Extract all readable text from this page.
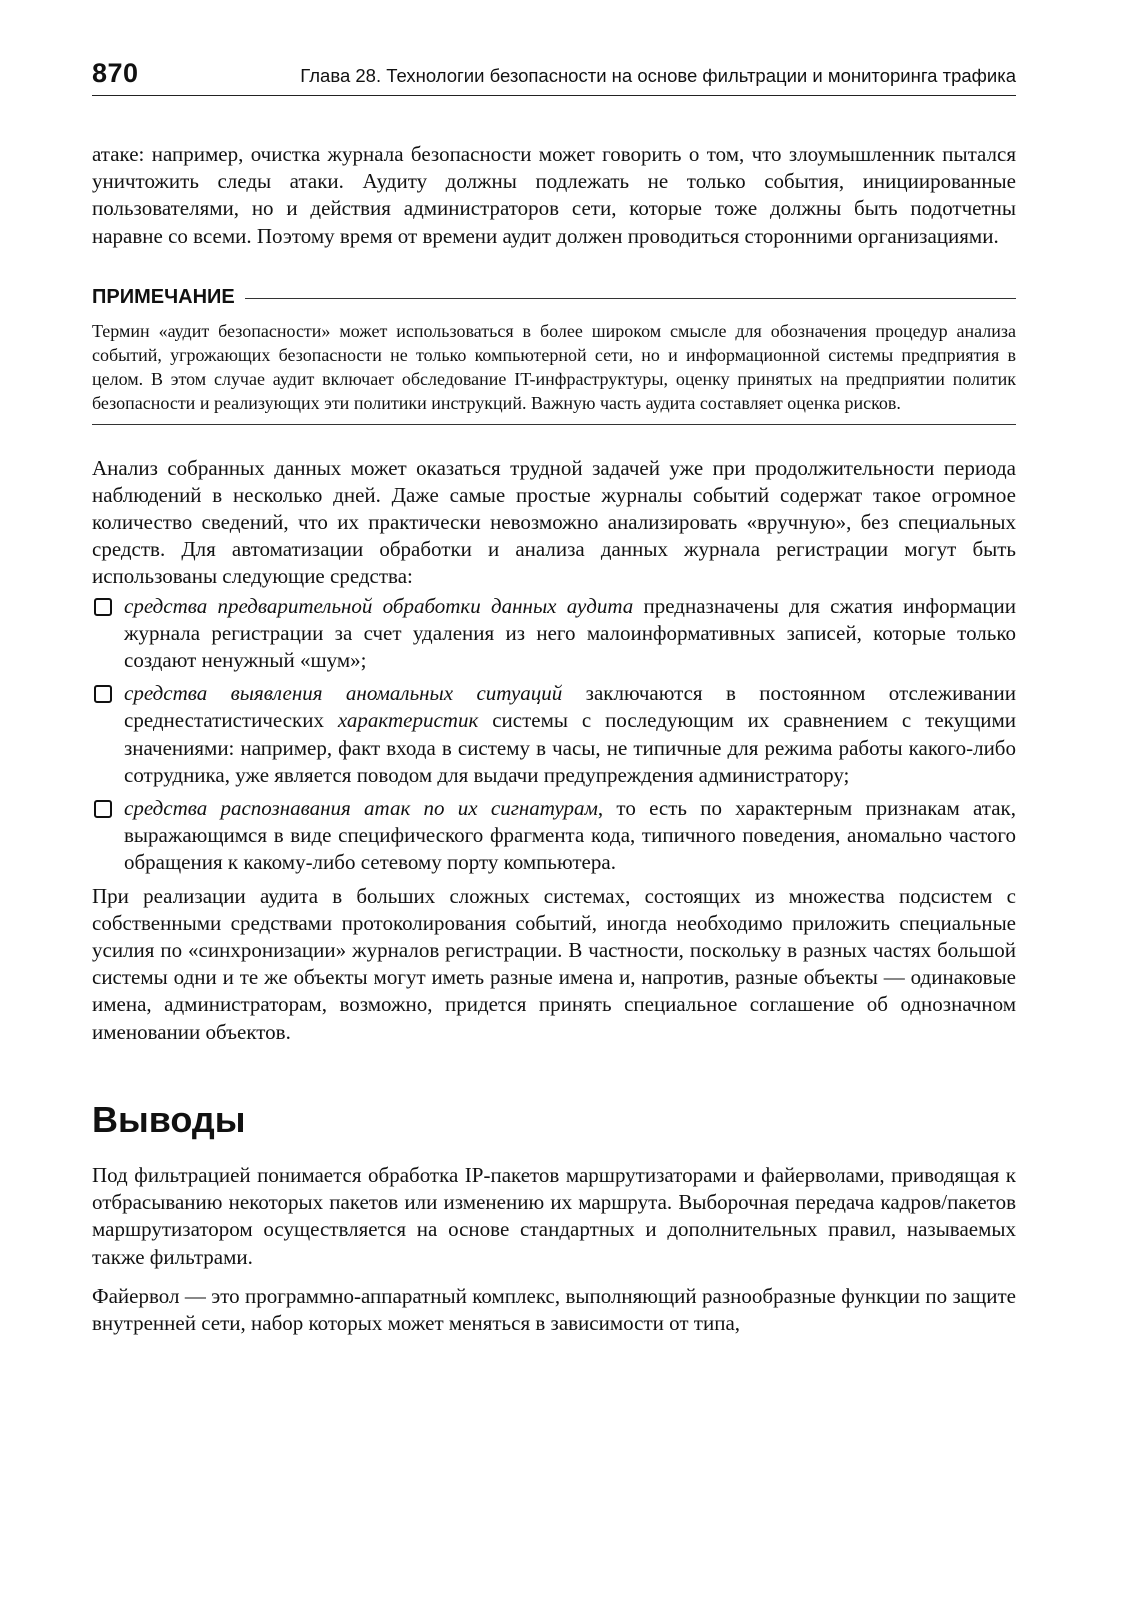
870	Глава 28. Технологии безопасности на основе фильтрации и мониторинга трафика

атаке: например, очистка журнала безопасности может говорить о том, что злоумышленник пытался уничтожить следы атаки. Аудиту должны подлежать не только события, инициированные пользователями, но и действия администраторов сети, которые тоже должны быть подотчетны наравне со всеми. Поэтому время от времени аудит должен проводиться сторонними организациями.

ПРИМЕЧАНИЕ
Термин «аудит безопасности» может использоваться в более широком смысле для обозначения процедур анализа событий, угрожающих безопасности не только компьютерной сети, но и информационной системы предприятия в целом. В этом случае аудит включает обследование IT-инфраструктуры, оценку принятых на предприятии политик безопасности и реализующих эти политики инструкций. Важную часть аудита составляет оценка рисков.

Анализ собранных данных может оказаться трудной задачей уже при продолжительности периода наблюдений в несколько дней. Даже самые простые журналы событий содержат такое огромное количество сведений, что их практически невозможно анализировать «вручную», без специальных средств. Для автоматизации обработки и анализа данных журнала регистрации могут быть использованы следующие средства:

средства предварительной обработки данных аудита предназначены для сжатия информации журнала регистрации за счет удаления из него малоинформативных записей, которые только создают ненужный «шум»;
средства выявления аномальных ситуаций заключаются в постоянном отслеживании среднестатистических характеристик системы с последующим их сравнением с текущими значениями: например, факт входа в систему в часы, не типичные для режима работы какого-либо сотрудника, уже является поводом для выдачи предупреждения администратору;
средства распознавания атак по их сигнатурам, то есть по характерным признакам атак, выражающимся в виде специфического фрагмента кода, типичного поведения, аномально частого обращения к какому-либо сетевому порту компьютера.

При реализации аудита в больших сложных системах, состоящих из множества подсистем с собственными средствами протоколирования событий, иногда необходимо приложить специальные усилия по «синхронизации» журналов регистрации. В частности, поскольку в разных частях большой системы одни и те же объекты могут иметь разные имена и, напротив, разные объекты — одинаковые имена, администраторам, возможно, придется принять специальное соглашение об однозначном именовании объектов.

Выводы

Под фильтрацией понимается обработка IP-пакетов маршрутизаторами и файерволами, приводящая к отбрасыванию некоторых пакетов или изменению их маршрута. Выборочная передача кадров/пакетов маршрутизатором осуществляется на основе стандартных и дополнительных правил, называемых также фильтрами.

Файервол — это программно-аппаратный комплекс, выполняющий разнообразные функции по защите внутренней сети, набор которых может меняться в зависимости от типа,
